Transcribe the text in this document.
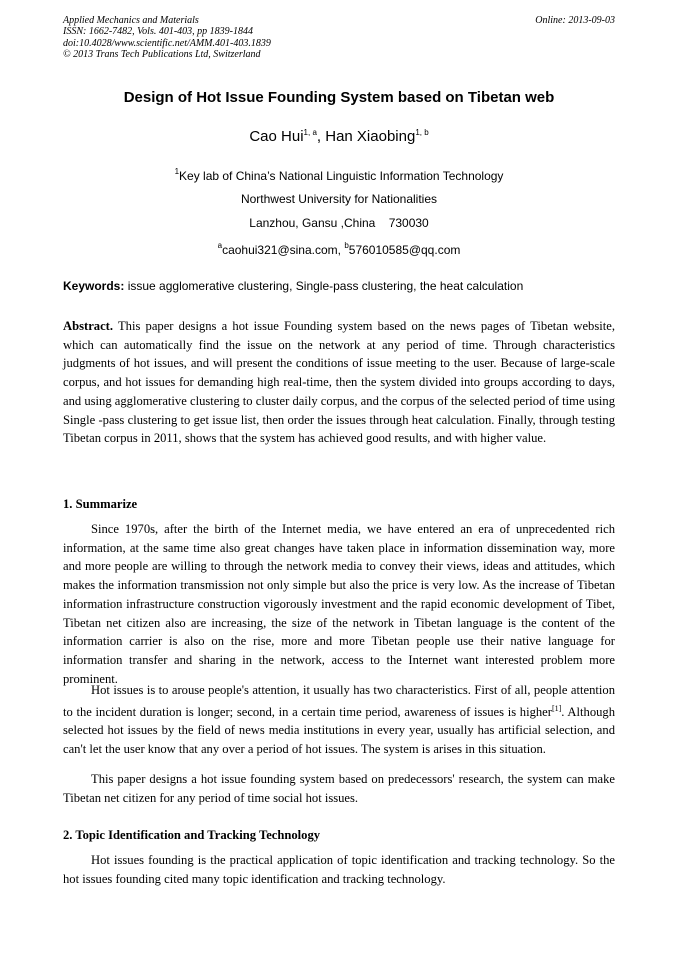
Applied Mechanics and Materials
ISSN: 1662-7482, Vols. 401-403, pp 1839-1844
doi:10.4028/www.scientific.net/AMM.401-403.1839
© 2013 Trans Tech Publications Ltd, Switzerland
Online: 2013-09-03
Design of Hot Issue Founding System based on Tibetan web
Cao Hui$^{1, a}$, Han Xiaobing$^{1, b}$
$^1$Key lab of China’s National Linguistic Information Technology
Northwest University for Nationalities
Lanzhou, Gansu ,China    730030
$^a$caohui321@sina.com, $^b$576010585@qq.com
Keywords: issue agglomerative clustering, Single-pass clustering, the heat calculation

Abstract. This paper designs a hot issue Founding system based on the news pages of Tibetan website, which can automatically find the issue on the network at any period of time. Through characteristics judgments of hot issues, and will present the conditions of issue meeting to the user. Because of large-scale corpus, and hot issues for demanding high real-time, then the system divided into groups according to days, and using agglomerative clustering to cluster daily corpus, and the corpus of the selected period of time using Single -pass clustering to get issue list, then order the issues through heat calculation. Finally, through testing Tibetan corpus in 2011, shows that the system has achieved good results, and with higher value.

1. Summarize

Since 1970s, after the birth of the Internet media, we have entered an era of unprecedented rich information, at the same time also great changes have taken place in information dissemination way, more and more people are willing to through the network media to convey their views, ideas and attitudes, which makes the information transmission not only simple but also the price is very low. As the increase of Tibetan information infrastructure construction vigorously investment and the rapid economic development of Tibet, Tibetan net citizen also are increasing, the size of the network in Tibetan language is the content of the information carrier is also on the rise, more and more Tibetan people use their native language for information transfer and sharing in the network, access to the Internet want interested problem more prominent.

Hot issues is to arouse people's attention, it usually has two characteristics. First of all, people attention to the incident duration is longer; second, in a certain time period, awareness of issues is higher[1]. Although selected hot issues by the field of news media institutions in every year, usually has artificial selection, and can't let the user know that any over a period of hot issues. The system is arises in this situation.

This paper designs a hot issue founding system based on predecessors' research, the system can make Tibetan net citizen for any period of time social hot issues.

2. Topic Identification and Tracking Technology

Hot issues founding is the practical application of topic identification and tracking technology. So the hot issues founding cited many topic identification and tracking technology.
